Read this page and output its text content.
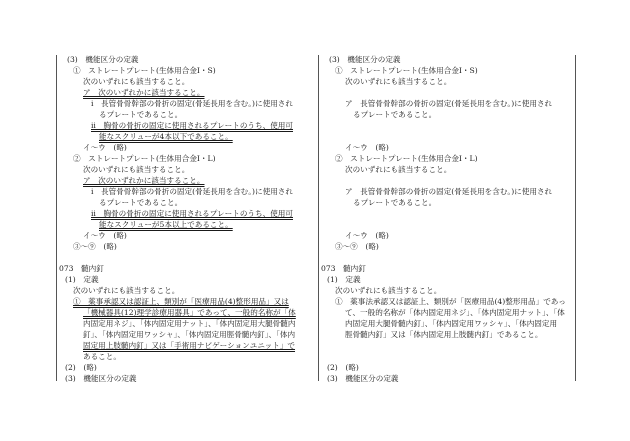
(3)　機能区分の定義
①　ストレートプレート(生体用合金Ⅰ・S)
次のいずれにも該当すること。
ア　次のいずれかに該当すること。
ⅰ　長管骨骨幹部の骨折の固定(骨延長用を含む。)に使用され
るプレートであること。
ⅱ　胸骨の骨折の固定に使用されるプレートのうち、使用可
能なスクリューが4本以下であること。
イ～ウ　(略)
②　ストレートプレート(生体用合金Ⅰ・L)
次のいずれにも該当すること。
ア　次のいずれかに該当すること。
ⅰ　長管骨骨幹部の骨折の固定(骨延長用を含む。)に使用され
るプレートであること。
ⅱ　胸骨の骨折の固定に使用されるプレートのうち、使用可
能なスクリューが5本以上であること。
イ～ウ　(略)
③～⑨　(略)
073　髄内釘
(1)　定義
次のいずれにも該当すること。
①　薬事承認又は認証上、類別が「医療用品(4)整形用品」又は
「機械器具(12)理学診療用器具」であって、一般的名称が「体
内固定用ネジ」、「体内固定用ナット」、「体内固定用大腿骨髄内
釘」、「体内固定用ワッシャ」、「体内固定用脛骨髄内釘」、「体内
固定用上肢髄内釘」又は「手術用ナビゲーションユニット」で
あること。
(2)　(略)
(3)　機能区分の定義
(3)　機能区分の定義
①　ストレートプレート(生体用合金Ⅰ・S)
次のいずれにも該当すること。
ア　長管骨骨幹部の骨折の固定(骨延長用を含む。)に使用され
るプレートであること。
イ～ウ　(略)
②　ストレートプレート(生体用合金Ⅰ・L)
次のいずれにも該当すること。
ア　長管骨骨幹部の骨折の固定(骨延長用を含む。)に使用され
るプレートであること。
イ～ウ　(略)
③～⑨　(略)
073　髄内釘
(1)　定義
次のいずれにも該当すること。
①　薬事法承認又は認証上、類別が「医療用品(4)整形用品」であっ
て、一般的名称が「体内固定用ネジ」、「体内固定用ナット」、「体
内固定用大腿骨髄内釘」、「体内固定用ワッシャ」、「体内固定用
脛骨髄内釘」又は「体内固定用上肢髄内釘」であること。
(2)　(略)
(3)　機能区分の定義
